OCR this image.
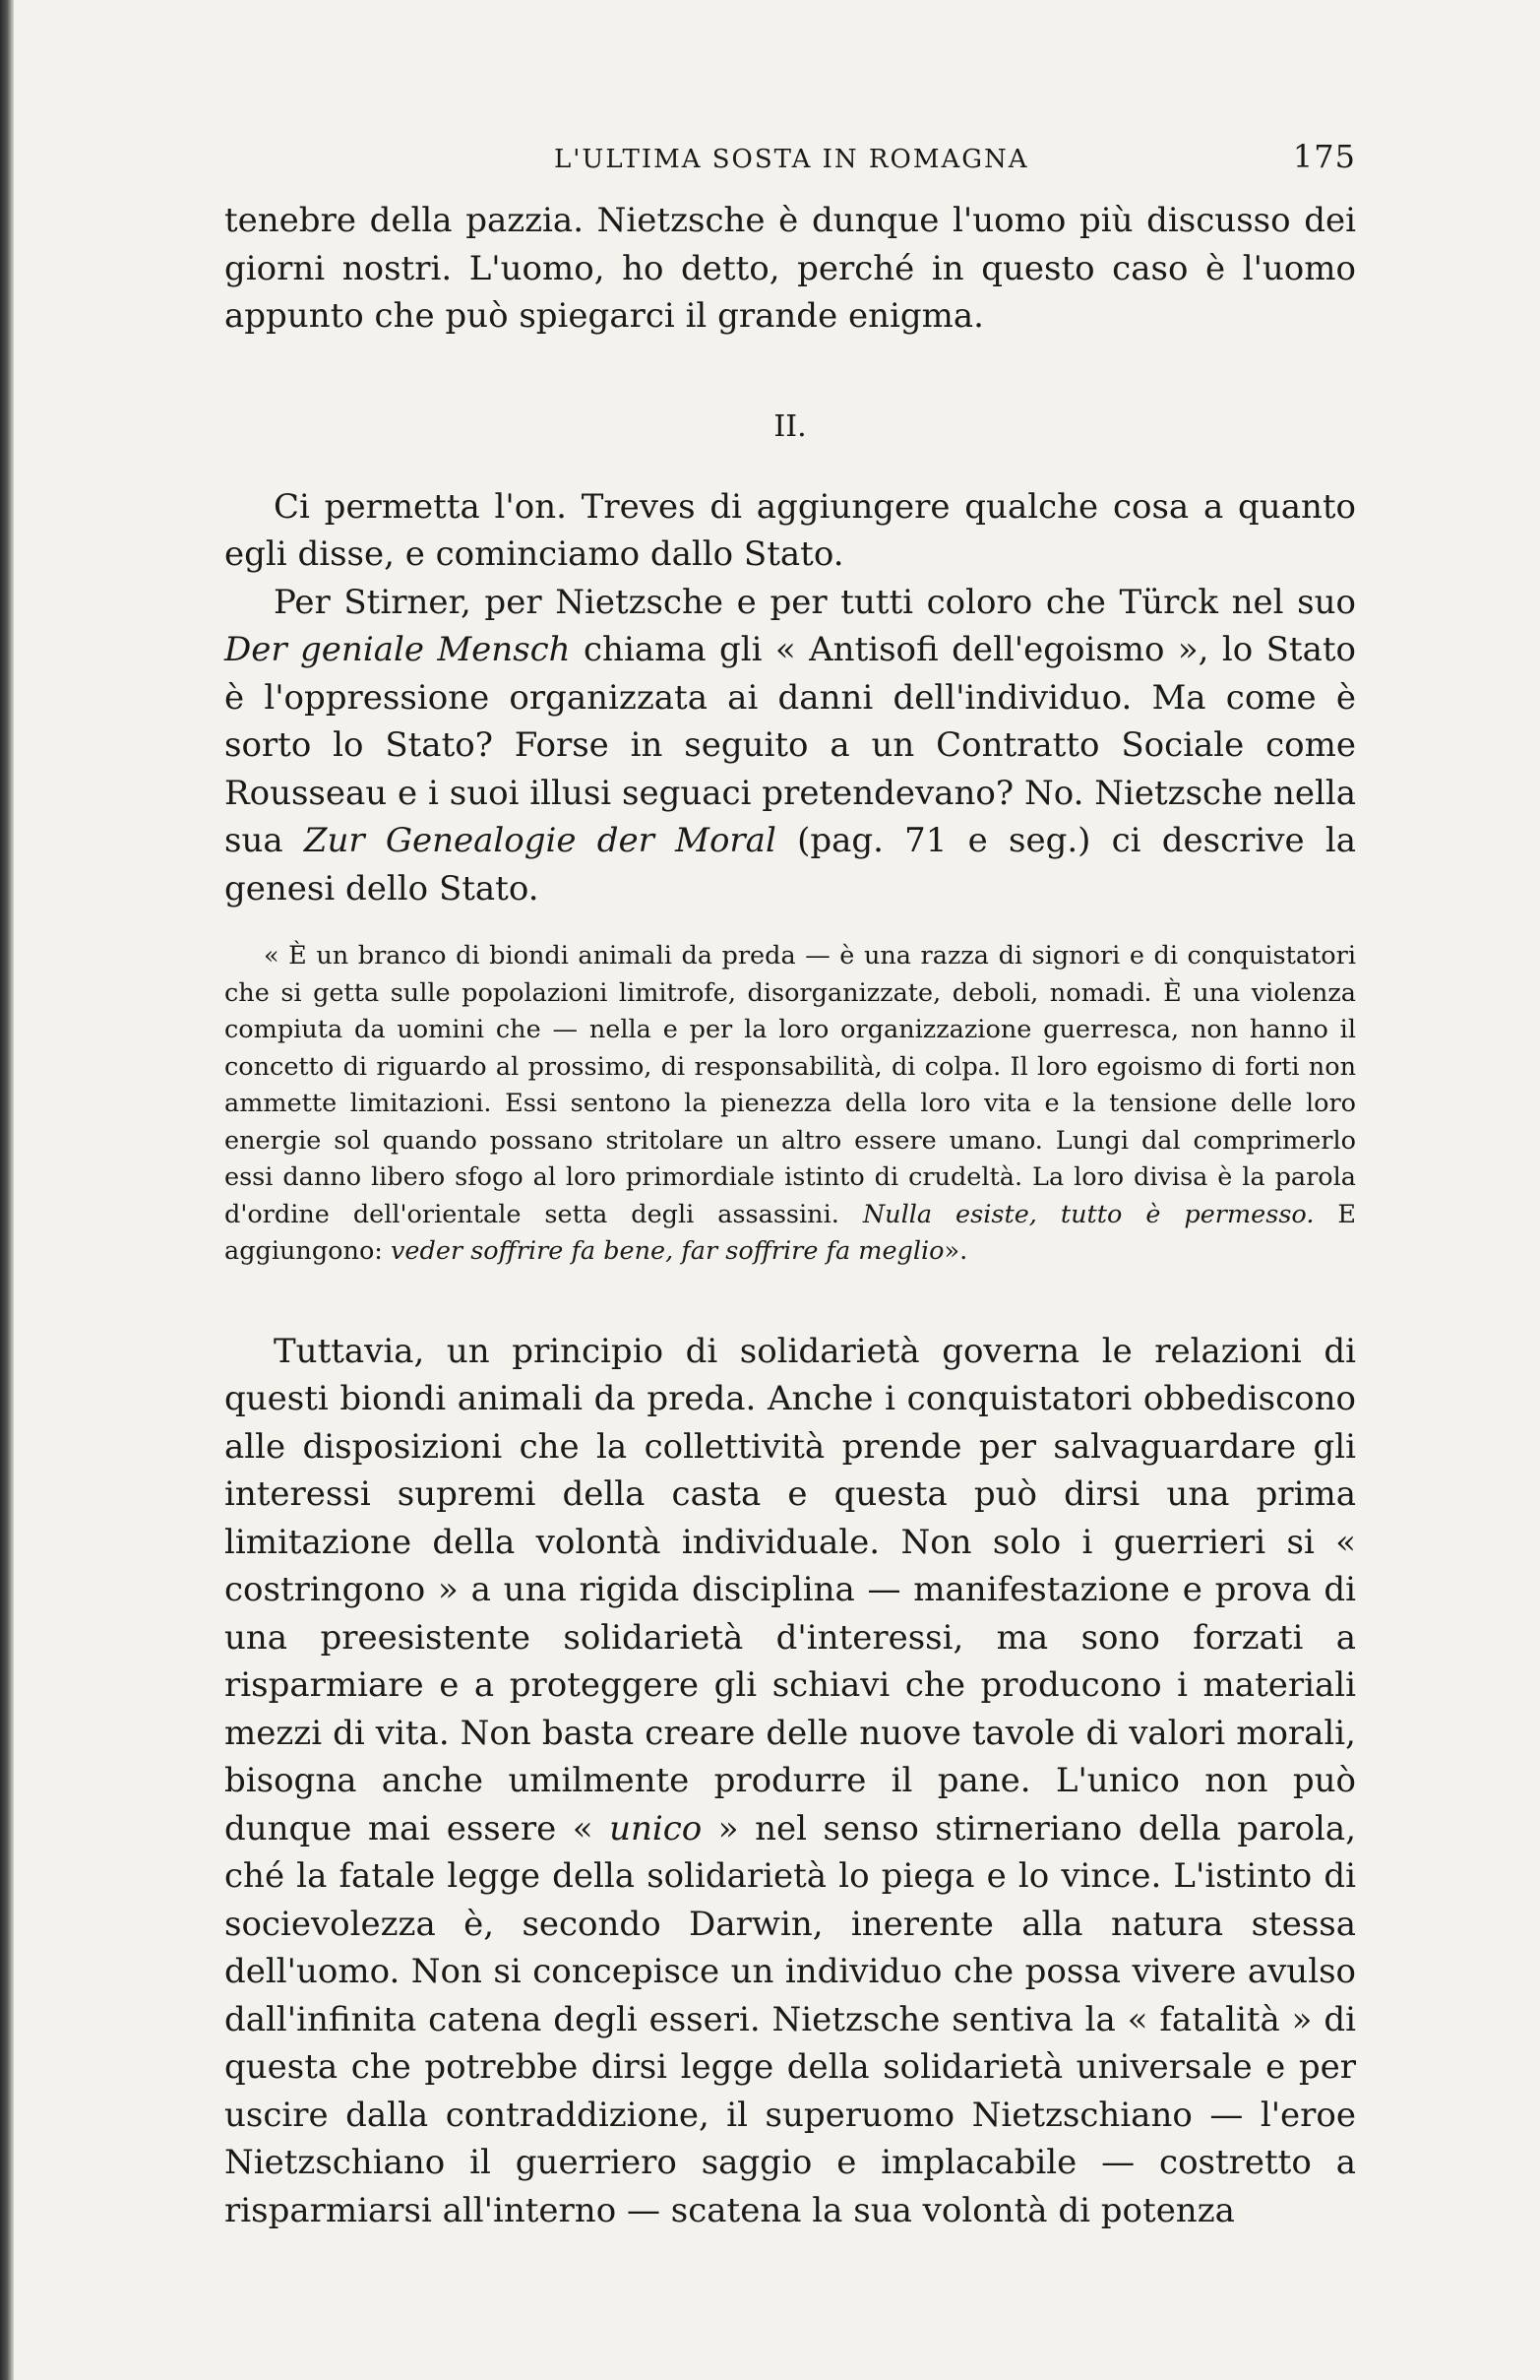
L'ULTIMA SOSTA IN ROMAGNA	175

tenebre della pazzia. Nietzsche è dunque l'uomo più discusso dei giorni nostri. L'uomo, ho detto, perché in questo caso è l'uomo appunto che può spiegarci il grande enigma.

II.

Ci permetta l'on. Treves di aggiungere qualche cosa a quanto egli disse, e cominciamo dallo Stato.

Per Stirner, per Nietzsche e per tutti coloro che Türck nel suo Der geniale Mensch chiama gli « Antisofi dell'egoismo », lo Stato è l'oppressione organizzata ai danni dell'individuo. Ma come è sorto lo Stato? Forse in seguito a un Contratto Sociale come Rousseau e i suoi illusi seguaci pretendevano? No. Nietzsche nella sua Zur Genealogie der Moral (pag. 71 e seg.) ci descrive la genesi dello Stato.

« È un branco di biondi animali da preda — è una razza di signori e di conquistatori che si getta sulle popolazioni limitrofe, disorganizzate, deboli, nomadi. È una violenza compiuta da uomini che — nella e per la loro organizzazione guerresca, non hanno il concetto di riguardo al prossimo, di responsabilità, di colpa. Il loro egoismo di forti non ammette limitazioni. Essi sentono la pienezza della loro vita e la tensione delle loro energie sol quando possano stritolare un altro essere umano. Lungi dal comprimerlo essi danno libero sfogo al loro primordiale istinto di crudeltà. La loro divisa è la parola d'ordine dell'orientale setta degli assassini. Nulla esiste, tutto è permesso. E aggiungono: veder soffrire fa bene, far soffrire fa meglio».

Tuttavia, un principio di solidarietà governa le relazioni di questi biondi animali da preda. Anche i conquistatori obbediscono alle disposizioni che la collettività prende per salvaguardare gli interessi supremi della casta e questa può dirsi una prima limitazione della volontà individuale. Non solo i guerrieri si « costringono » a una rigida disciplina — manifestazione e prova di una preesistente solidarietà d'interessi, ma sono forzati a risparmiare e a proteggere gli schiavi che producono i materiali mezzi di vita. Non basta creare delle nuove tavole di valori morali, bisogna anche umilmente produrre il pane. L'unico non può dunque mai essere « unico » nel senso stirneriano della parola, ché la fatale legge della solidarietà lo piega e lo vince. L'istinto di socievolezza è, secondo Darwin, inerente alla natura stessa dell'uomo. Non si concepisce un individuo che possa vivere avulso dall'infinita catena degli esseri. Nietzsche sentiva la « fatalità » di questa che potrebbe dirsi legge della solidarietà universale e per uscire dalla contraddizione, il superuomo Nietzschiano — l'eroe Nietzschiano il guerriero saggio e implacabile — costretto a risparmiarsi all'interno — scatena la sua volontà di potenza
